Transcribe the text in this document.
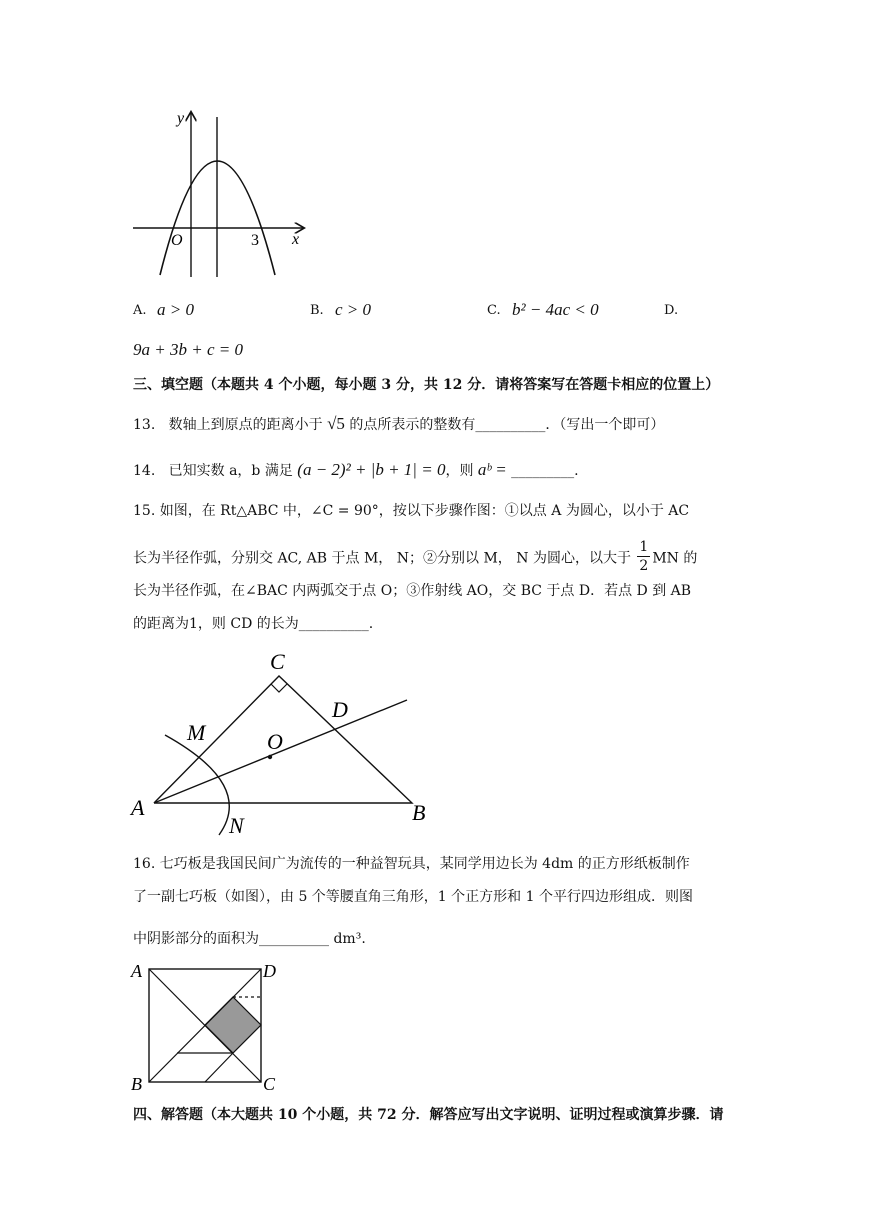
y
x
O	3
A. a > 0	B. c > 0	C. b² − 4ac < 0	D.
9a + 3b + c = 0
三、填空题（本题共 4 个小题，每小题 3 分，共 12 分．请将答案写在答题卡相应的位置上）
13. 数轴上到原点的距离小于 √5 的点所表示的整数有__________．（写出一个即可）
14. 已知实数 a，b 满足 (a − 2)² + |b + 1| = 0，则 aᵇ = _________.
15. 如图，在 Rt△ABC 中，∠C = 90°，按以下步骤作图：①以点 A 为圆心，以小于 AC
长为半径作弧，分别交 AC, AB 于点 M， N；②分别以 M， N 为圆心，以大于 $\frac{1}{2}$ MN 的
长为半径作弧，在∠BAC 内两弧交于点 O；③作射线 AO，交 BC 于点 D．若点 D 到 AB
的距离为1，则 CD 的长为__________.
A	B
C
D
M
N
O
16. 七巧板是我国民间广为流传的一种益智玩具，某同学用边长为 4dm 的正方形纸板制作
了一副七巧板（如图），由 5 个等腰直角三角形，1 个正方形和 1 个平行四边形组成．则图
中阴影部分的面积为__________ dm³.
A	D
B	C
四、解答题（本大题共 10 个小题，共 72 分．解答应写出文字说明、证明过程或演算步骤．请
